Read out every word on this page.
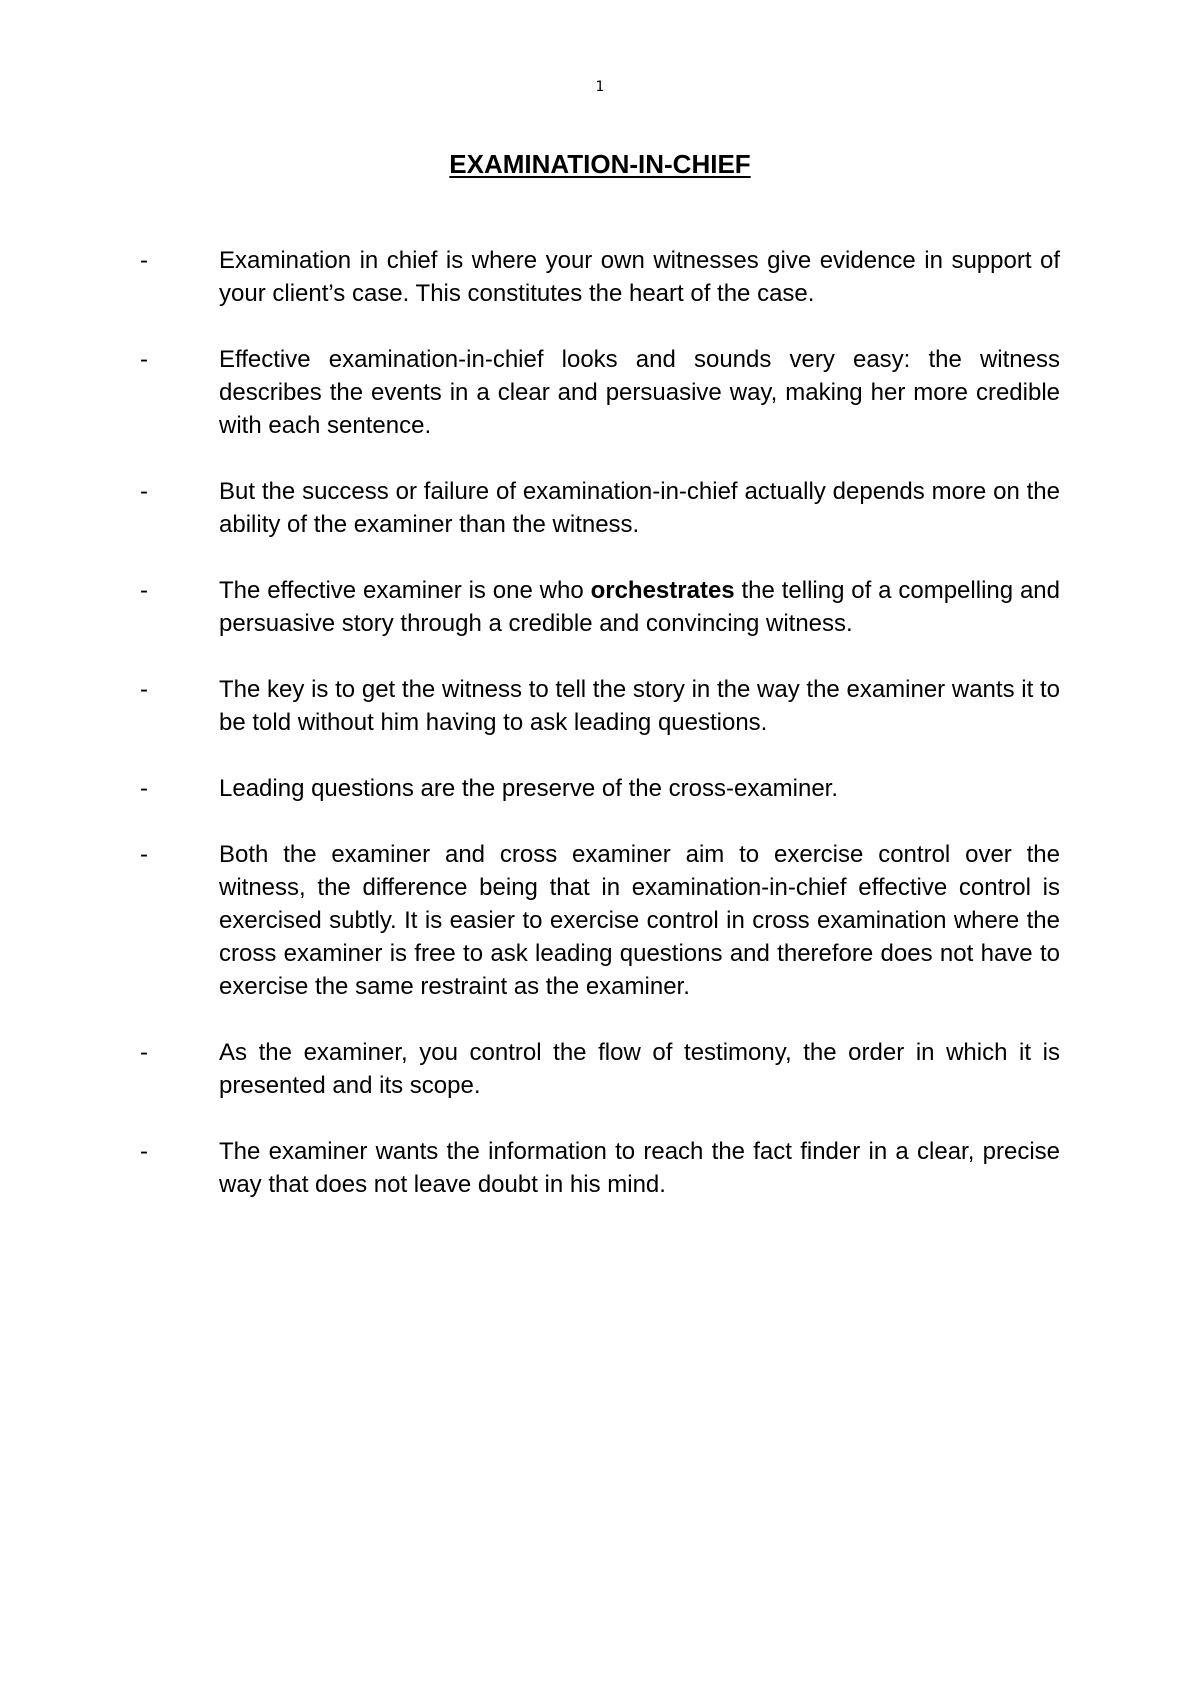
1
EXAMINATION-IN-CHIEF
-	Examination in chief is where your own witnesses give evidence in support of your client’s case. This constitutes the heart of the case.
-	Effective examination-in-chief looks and sounds very easy: the witness describes the events in a clear and persuasive way, making her more credible with each sentence.
-	But the success or failure of examination-in-chief actually depends more on the ability of the examiner than the witness.
-	The effective examiner is one who orchestrates the telling of a compelling and persuasive story through a credible and convincing witness.
-	The key is to get the witness to tell the story in the way the examiner wants it to be told without him having to ask leading questions.
-	Leading questions are the preserve of the cross-examiner.
-	Both the examiner and cross examiner aim to exercise control over the witness, the difference being that in examination-in-chief effective control is exercised subtly. It is easier to exercise control in cross examination where the cross examiner is free to ask leading questions and therefore does not have to exercise the same restraint as the examiner.
-	As the examiner, you control the flow of testimony, the order in which it is presented and its scope.
-	The examiner wants the information to reach the fact finder in a clear, precise way that does not leave doubt in his mind.
